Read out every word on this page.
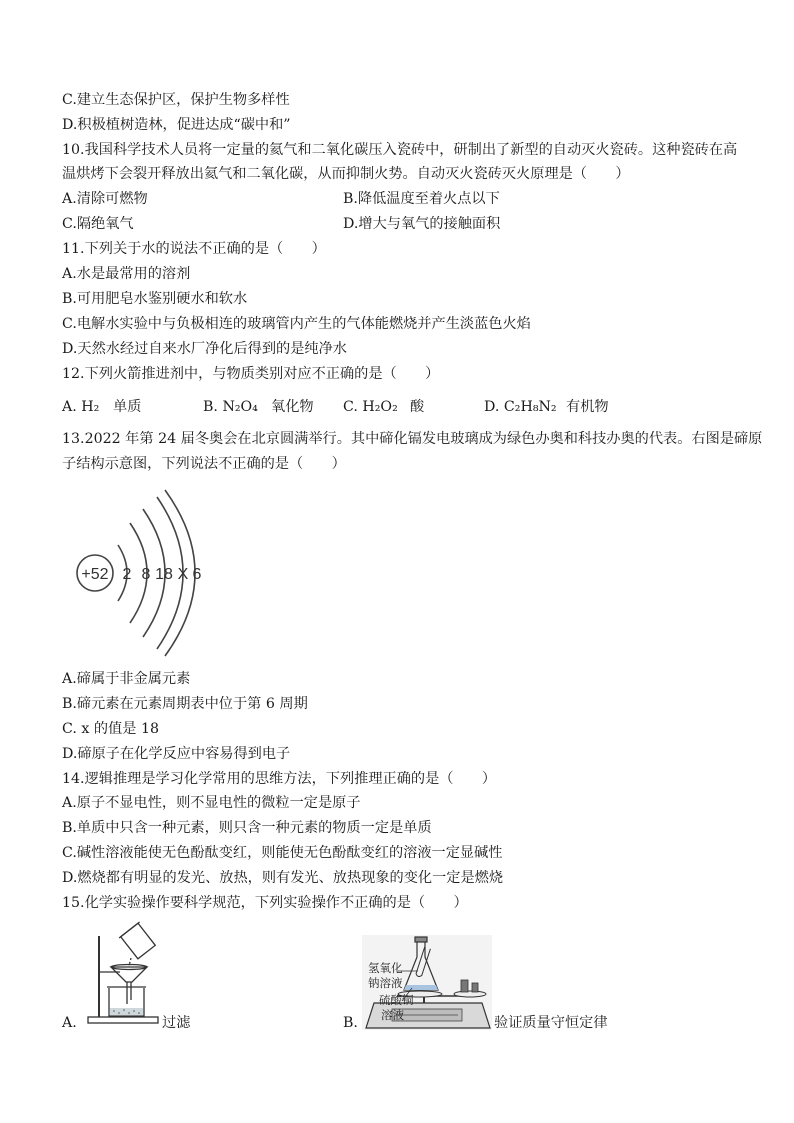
C.建立生态保护区，保护生物多样性
D.积极植树造林，促进达成“碳中和”
10.我国科学技术人员将一定量的氦气和二氧化碳压入瓷砖中，研制出了新型的自动灭火瓷砖。这种瓷砖在高
温烘烤下会裂开释放出氦气和二氧化碳，从而抑制火势。自动灭火瓷砖灭火原理是（　　）
A.清除可燃物	B.降低温度至着火点以下
C.隔绝氧气	D.增大与氧气的接触面积
11.下列关于水的说法不正确的是（　　）
A.水是最常用的溶剂
B.可用肥皂水鉴别硬水和软水
C.电解水实验中与负极相连的玻璃管内产生的气体能燃烧并产生淡蓝色火焰
D.天然水经过自来水厂净化后得到的是纯净水
12.下列火箭推进剂中，与物质类别对应不正确的是（　　）
A. H₂ 单质	B. N₂O₄ 氧化物 C. H₂O₂ 酸	D. C₂H₈N₂ 有机物
13.2022 年第 24 届冬奥会在北京圆满举行。其中碲化镉发电玻璃成为绿色办奥和科技办奥的代表。右图是碲原
子结构示意图，下列说法不正确的是（　　）
+52 2 8 18 X 6
A.碲属于非金属元素
B.碲元素在元素周期表中位于第 6 周期
C. x 的值是 18
D.碲原子在化学反应中容易得到电子
14.逻辑推理是学习化学常用的思维方法，下列推理正确的是（　　）
A.原子不显电性，则不显电性的微粒一定是原子
B.单质中只含一种元素，则只含一种元素的物质一定是单质
C.碱性溶液能使无色酚酞变红，则能使无色酚酞变红的溶液一定显碱性
D.燃烧都有明显的发光、放热，则有发光、放热现象的变化一定是燃烧
15.化学实验操作要科学规范，下列实验操作不正确的是（　　）
A.	过滤	B.
氢氧化
钠溶液
硫酸铜
溶液	验证质量守恒定律
